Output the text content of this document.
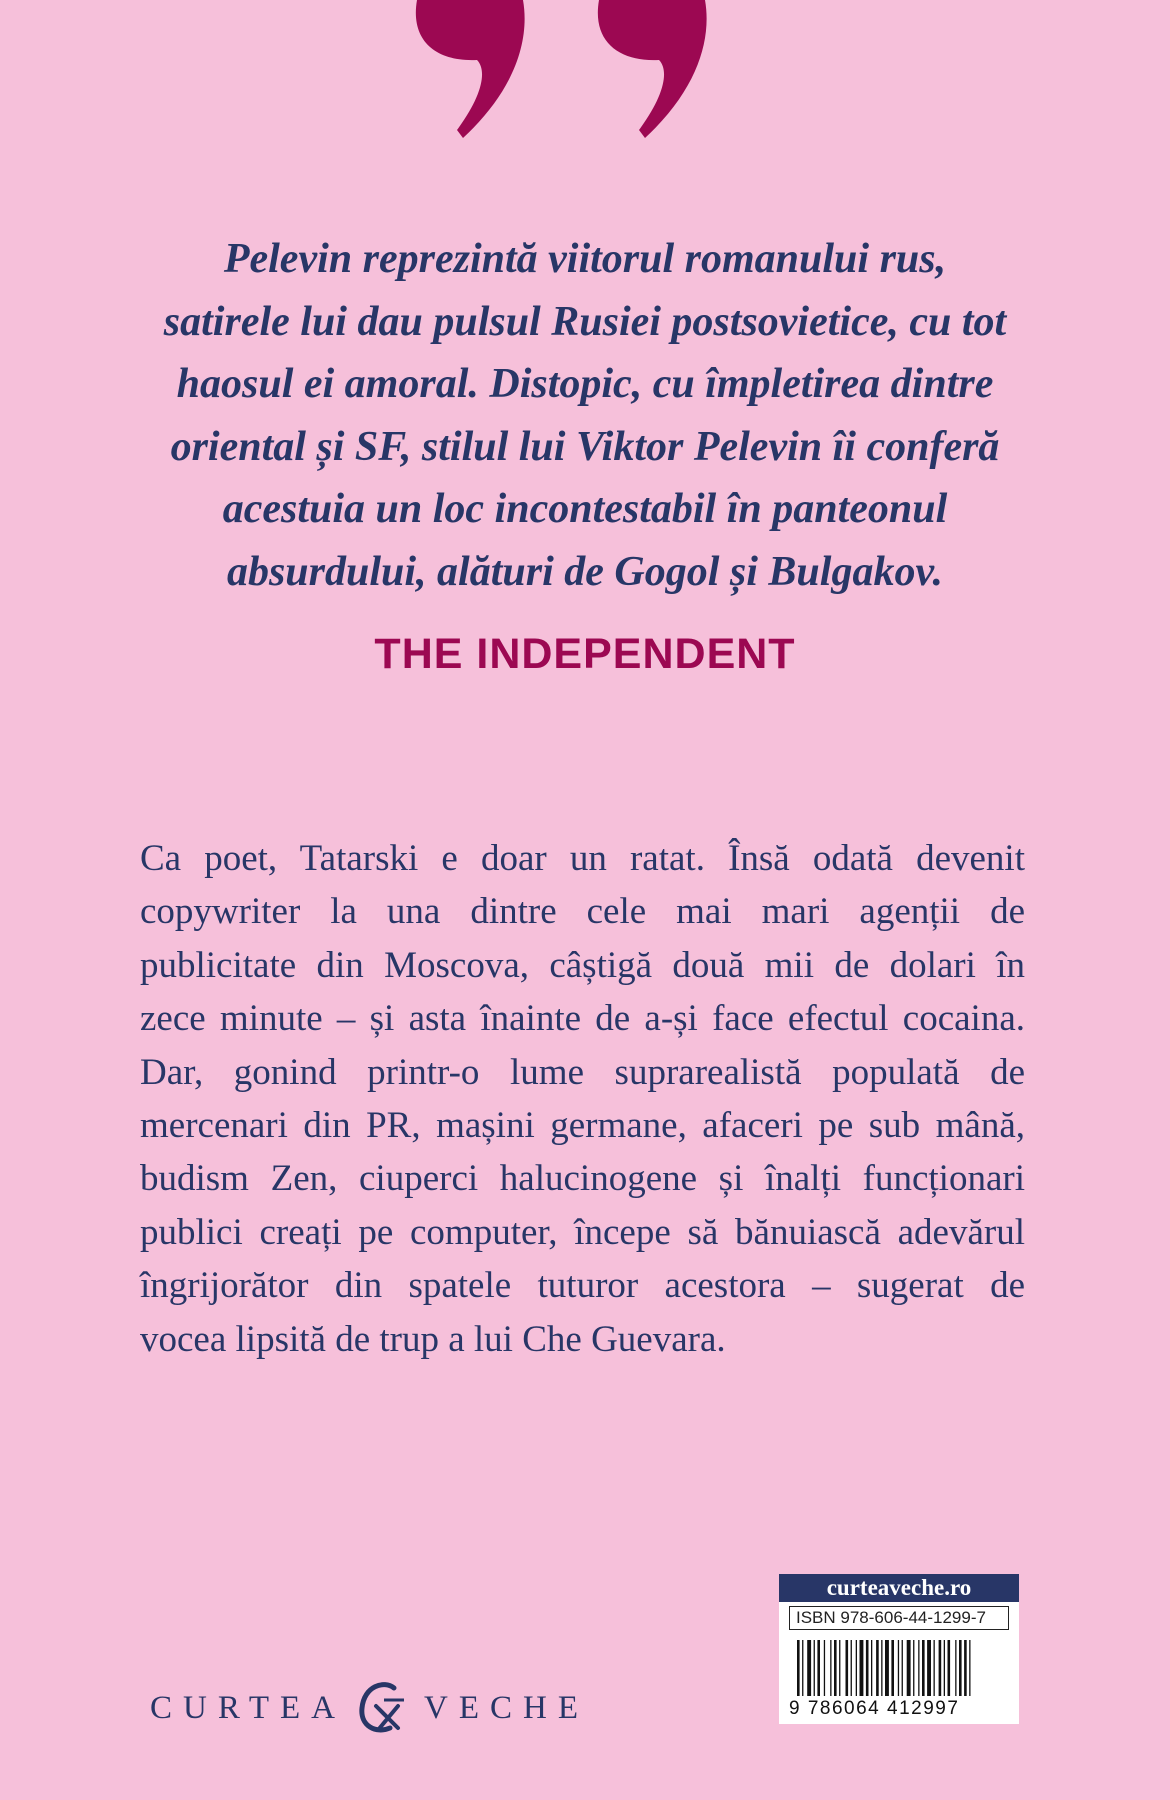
Pelevin reprezintă viitorul romanului rus,
satirele lui dau pulsul Rusiei postsovietice, cu tot
haosul ei amoral. Distopic, cu împletirea dintre
oriental și SF, stilul lui Viktor Pelevin îi conferă
acestuia un loc incontestabil în panteonul
absurdului, alături de Gogol și Bulgakov.

THE INDEPENDENT
Ca poet, Tatarski e doar un ratat. Însă odată devenit
copywriter la una dintre cele mai mari agenții de
publicitate din Moscova, câștigă două mii de dolari în
zece minute – și asta înainte de a-și face efectul cocaina.
Dar, gonind printr-o lume suprarealistă populată de
mercenari din PR, mașini germane, afaceri pe sub mână,
budism Zen, ciuperci halucinogene și înalți funcționari
publici creați pe computer, începe să bănuiască adevărul
îngrijorător din spatele tuturor acestora – sugerat de
vocea lipsită de trup a lui Che Guevara.
CURTEA VECHE
curteaveche.ro
ISBN 978-606-44-1299-7
9 786064 412997
